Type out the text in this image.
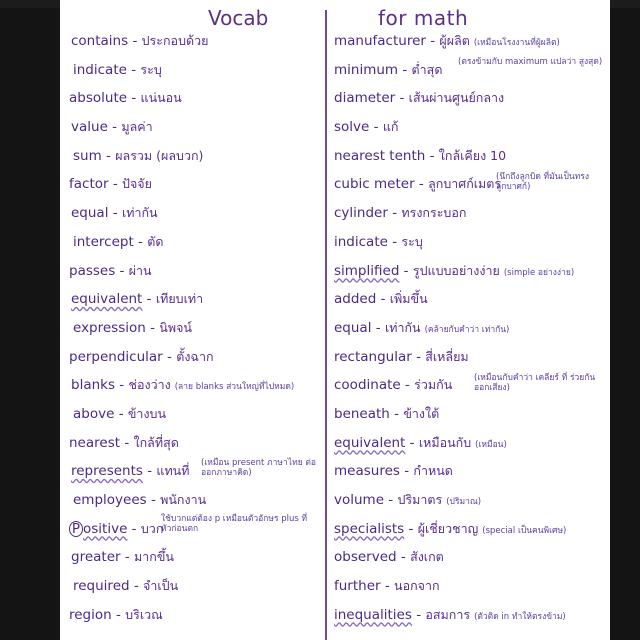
Vocab	for math
contains - ประกอบด้วย
indicate - ระบุ
absolute - แน่นอน
value - มูลค่า
sum - ผลรวม (ผลบวก)
factor - ปัจจัย
equal - เท่ากัน
intercept - ตัด
passes - ผ่าน
equivalent - เทียบเท่า
expression - นิพจน์
perpendicular - ตั้งฉาก
blanks - ช่องว่าง (ลาย blanks ส่วนใหญ่ที่ไปหมด)
above - ข้างบน
nearest - ใกล้ที่สุด
represents - แทนที่ (เหมือน present ภาษาไทย ต่อ ออกภาษาคิด)
employees - พนักงาน
P ositive - บวก
ใช้บวกแต่ต้อง p เหมือนตัวอักษร plus ที่หัวก่อนตก
greater - มากขึ้น
required - จำเป็น
region - บริเวณ
manufacturer - ผู้ผลิต (เหมือนโรงงานที่ผู้ผลิต)
minimum - ต่ำสุด (ตรงข้ามกับ maximum แปลว่า สูงสุด)
diameter - เส้นผ่านศูนย์กลาง
solve - แก้
nearest tenth - ใกล้เคียง 10
cubic meter - ลูกบาศก์เมตร
(นึกถึงลูกบิด ที่มันเป็นทรงลูกบาศก์)
cylinder - ทรงกระบอก
indicate - ระบุ
simplified - รูปแบบอย่างง่าย (simple อย่างง่าย)
added - เพิ่มขึ้น
equal - เท่ากัน (คล้ายกับคำว่า เท่ากัน)
rectangular - สี่เหลี่ยม
coodinate - ร่วมกัน	(เหมือนกับคำว่า เคลียร์ ที่ ร่วยกันออกเสียง)
beneath - ข้างใต้
equivalent - เหมือนกับ (เหมือน)
measures - กำหนด
volume - ปริมาตร (ปริมาณ)
specialists - ผู้เชี่ยวชาญ (special เป็นคนพิเศษ)
observed - สังเกต
further - นอกจาก
inequalities - อสมการ (ตัวติด in ทำให้ตรงข้าม)
